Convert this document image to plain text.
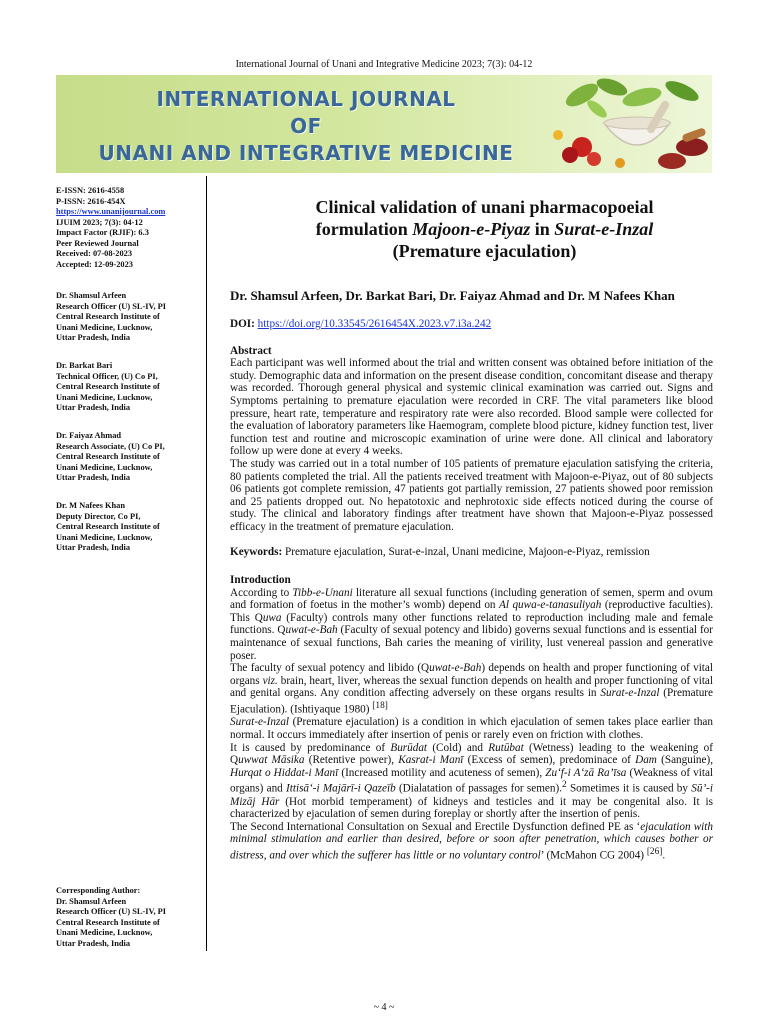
International Journal of Unani and Integrative Medicine 2023; 7(3): 04-12
INTERNATIONAL JOURNAL
OF
UNANI AND INTEGRATIVE MEDICINE
E-ISSN: 2616-4558
P-ISSN: 2616-454X
https://www.unanijournal.com
IJUIM 2023; 7(3): 04-12
Impact Factor (RJIF): 6.3
Peer Reviewed Journal
Received: 07-08-2023
Accepted: 12-09-2023
Dr. Shamsul Arfeen
Research Officer (U) SL-IV, PI
Central Research Institute of
Unani Medicine, Lucknow,
Uttar Pradesh, India
Dr. Barkat Bari
Technical Officer, (U) Co PI,
Central Research Institute of
Unani Medicine, Lucknow,
Uttar Pradesh, India
Dr. Faiyaz Ahmad
Research Associate, (U) Co PI,
Central Research Institute of
Unani Medicine, Lucknow,
Uttar Pradesh, India
Dr. M Nafees Khan
Deputy Director, Co PI,
Central Research Institute of
Unani Medicine, Lucknow,
Uttar Pradesh, India
Corresponding Author:
Dr. Shamsul Arfeen
Research Officer (U) SL-IV, PI
Central Research Institute of
Unani Medicine, Lucknow,
Uttar Pradesh, India
Clinical validation of unani pharmacopoeial
formulation Majoon-e-Piyaz in Surat-e-Inzal
(Premature ejaculation)
Dr. Shamsul Arfeen, Dr. Barkat Bari, Dr. Faiyaz Ahmad and Dr. M Nafees Khan
DOI: https://doi.org/10.33545/2616454X.2023.v7.i3a.242
Abstract
Each participant was well informed about the trial and written consent was obtained before initiation of the study. Demographic data and information on the present disease condition, concomitant disease and therapy was recorded. Thorough general physical and systemic clinical examination was carried out. Signs and Symptoms pertaining to premature ejaculation were recorded in CRF. The vital parameters like blood pressure, heart rate, temperature and respiratory rate were also recorded. Blood sample were collected for the evaluation of laboratory parameters like Haemogram, complete blood picture, kidney function test, liver function test and routine and microscopic examination of urine were done. All clinical and laboratory follow up were done at every 4 weeks.
The study was carried out in a total number of 105 patients of premature ejaculation satisfying the criteria, 80 patients completed the trial. All the patients received treatment with Majoon-e-Piyaz, out of 80 subjects 06 patients got complete remission, 47 patients got partially remission, 27 patients showed poor remission and 25 patients dropped out. No hepatotoxic and nephrotoxic side effects noticed during the course of study. The clinical and laboratory findings after treatment have shown that Majoon-e-Piyaz possessed efficacy in the treatment of premature ejaculation.
Keywords: Premature ejaculation, Surat-e-inzal, Unani medicine, Majoon-e-Piyaz, remission
Introduction
According to Tibb-e-Unani literature all sexual functions (including generation of semen, sperm and ovum and formation of foetus in the mother’s womb) depend on Al quwa-e-tanasuliyah (reproductive faculties). This Quwa (Faculty) controls many other functions related to reproduction including male and female functions. Quwat-e-Bah (Faculty of sexual potency and libido) governs sexual functions and is essential for maintenance of sexual functions, Bah caries the meaning of virility, lust venereal passion and generative poser.
The faculty of sexual potency and libido (Quwat-e-Bah) depends on health and proper functioning of vital organs viz. brain, heart, liver, whereas the sexual function depends on health and proper functioning of vital and genital organs. Any condition affecting adversely on these organs results in Surat-e-Inzal (Premature Ejaculation). (Ishtiyaque 1980) [18]
Surat-e-Inzal (Premature ejaculation) is a condition in which ejaculation of semen takes place earlier than normal. It occurs immediately after insertion of penis or rarely even on friction with clothes.
It is caused by predominance of Burūdat (Cold) and Rutūbat (Wetness) leading to the weakening of Quwwat Māsika (Retentive power), Kasrat-i Manī (Excess of semen), predominace of Dam (Sanguine), Hurqat o Hiddat-i Manī (Increased motility and acuteness of semen), Zu‘f-i A‘zā Ra’īsa (Weakness of vital organs) and Ittisā‘-i Majārī-i Qazeīb (Dialatation of passages for semen).$^2$ Sometimes it is caused by Sū’-i Mizāj Hār (Hot morbid temperament) of kidneys and testicles and it may be congenital also. It is characterized by ejaculation of semen during foreplay or shortly after the insertion of penis.
The Second International Consultation on Sexual and Erectile Dysfunction defined PE as ‘ejaculation with minimal stimulation and earlier than desired, before or soon after penetration, which causes bother or distress, and over which the sufferer has little or no voluntary control’ (McMahon CG 2004) [26].
~ 4 ~
